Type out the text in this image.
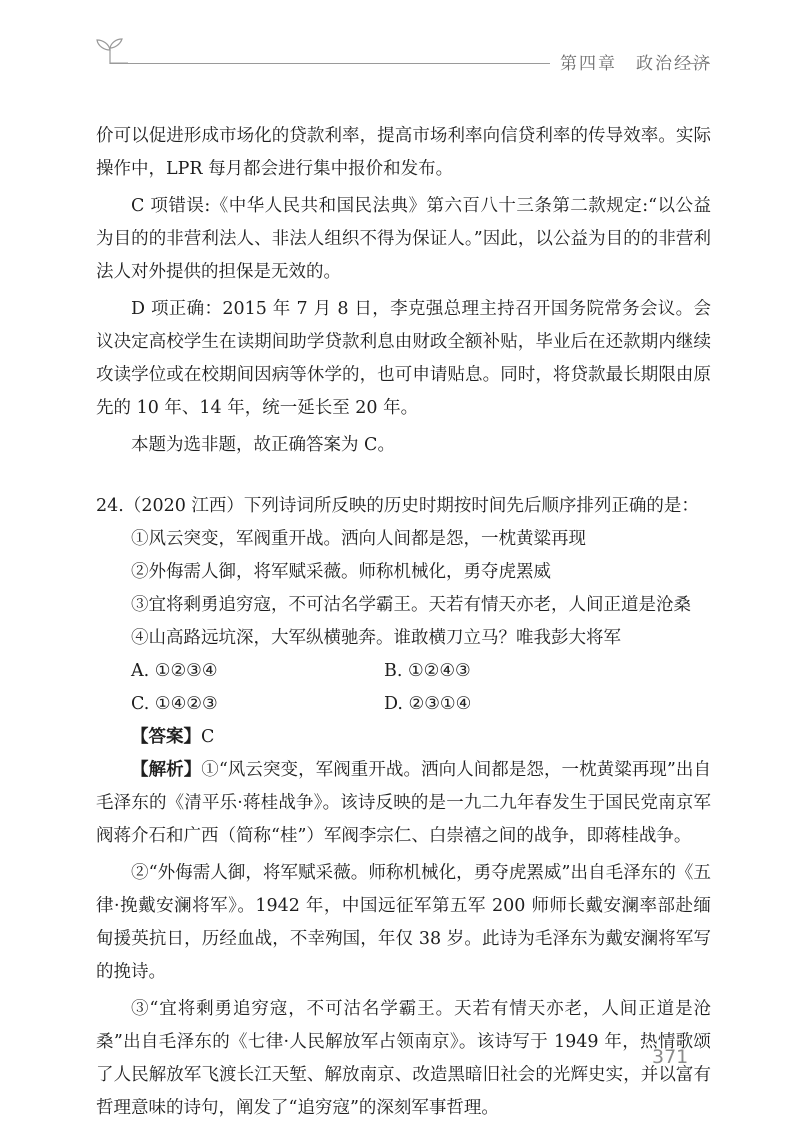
第四章　政治经济

价可以促进形成市场化的贷款利率，提高市场利率向信贷利率的传导效率。实际操作中，LPR 每月都会进行集中报价和发布。

C 项错误:《中华人民共和国民法典》第六百八十三条第二款规定:“以公益为目的的非营利法人、非法人组织不得为保证人。”因此，以公益为目的的非营利法人对外提供的担保是无效的。

D 项正确：2015 年 7 月 8 日，李克强总理主持召开国务院常务会议。会议决定高校学生在读期间助学贷款利息由财政全额补贴，毕业后在还款期内继续攻读学位或在校期间因病等休学的，也可申请贴息。同时，将贷款最长期限由原先的 10 年、14 年，统一延长至 20 年。

本题为选非题，故正确答案为 C。

24.（2020 江西）下列诗词所反映的历史时期按时间先后顺序排列正确的是：

①风云突变，军阀重开战。洒向人间都是怨，一枕黄粱再现

②外侮需人御，将军赋采薇。师称机械化，勇夺虎罴威

③宜将剩勇追穷寇，不可沽名学霸王。天若有情天亦老，人间正道是沧桑

④山高路远坑深，大军纵横驰奔。谁敢横刀立马？唯我彭大将军

A. ①②③④	B. ①②④③
C. ①④②③	D. ②③①④

【答案】C

【解析】①“风云突变，军阀重开战。洒向人间都是怨，一枕黄粱再现”出自毛泽东的《清平乐·蒋桂战争》。该诗反映的是一九二九年春发生于国民党南京军阀蒋介石和广西（简称“桂”）军阀李宗仁、白崇禧之间的战争，即蒋桂战争。

②“外侮需人御，将军赋采薇。师称机械化，勇夺虎罴威”出自毛泽东的《五律·挽戴安澜将军》。1942 年，中国远征军第五军 200 师师长戴安澜率部赴缅甸援英抗日，历经血战，不幸殉国，年仅 38 岁。此诗为毛泽东为戴安澜将军写的挽诗。

③“宜将剩勇追穷寇，不可沽名学霸王。天若有情天亦老，人间正道是沧桑”出自毛泽东的《七律·人民解放军占领南京》。该诗写于 1949 年，热情歌颂了人民解放军飞渡长江天堑、解放南京、改造黑暗旧社会的光辉史实，并以富有哲理意味的诗句，阐发了“追穷寇”的深刻军事哲理。

371
